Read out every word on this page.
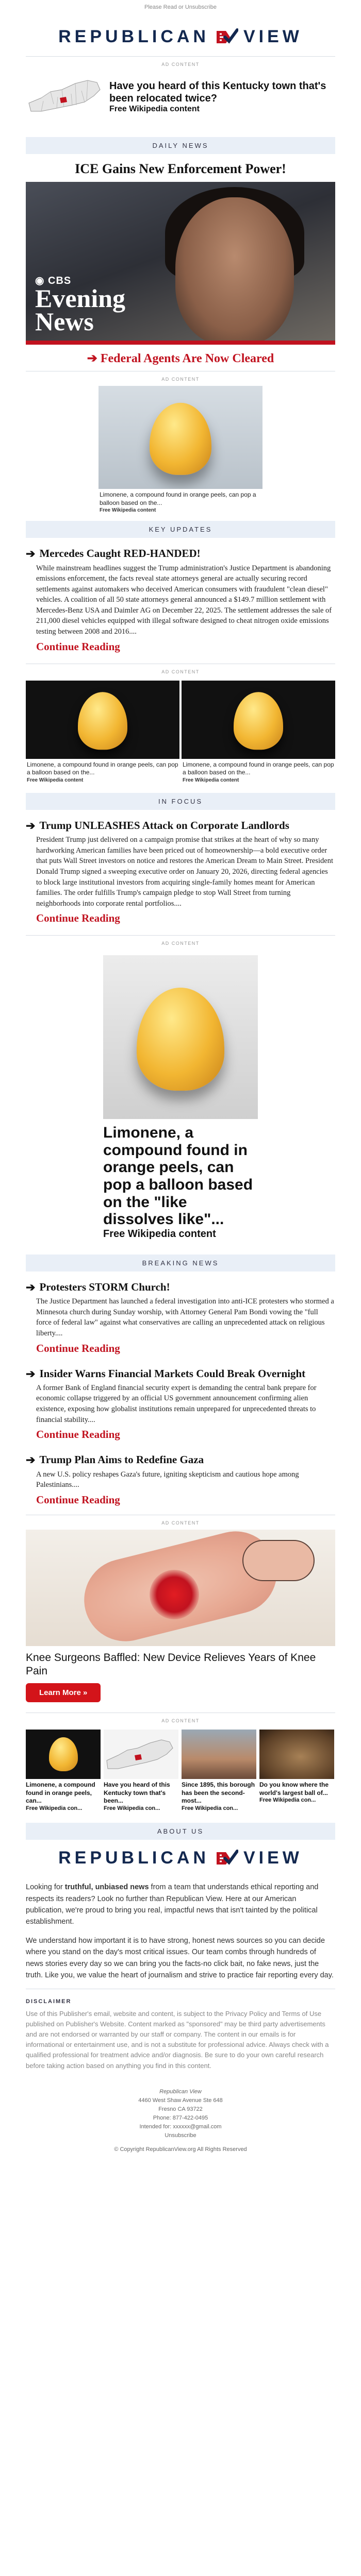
Please Read or Unsubscribe
REPUBLICAN VIEW
AD CONTENT
Have you heard of this Kentucky town that's been relocated twice?
Free Wikipedia content
DAILY NEWS
ICE Gains New Enforcement Power!
◉ CBS
Evening
News
➔ Federal Agents Are Now Cleared
AD CONTENT
Limonene, a compound found in orange peels, can pop a balloon based on the...
Free Wikipedia content
KEY UPDATES
➔ Mercedes Caught RED-HANDED!

While mainstream headlines suggest the Trump administration's Justice Department is abandoning emissions enforcement, the facts reveal state attorneys general are actually securing record settlements against automakers who deceived American consumers with fraudulent "clean diesel" vehicles. A coalition of all 50 state attorneys general announced a $149.7 million settlement with Mercedes-Benz USA and Daimler AG on December 22, 2025. The settlement addresses the sale of 211,000 diesel vehicles equipped with illegal software designed to cheat nitrogen oxide emissions testing between 2008 and 2016....

Continue Reading
AD CONTENT
Limonene, a compound found in orange peels, can pop a balloon based on the...
Free Wikipedia content
Limonene, a compound found in orange peels, can pop a balloon based on the...
Free Wikipedia content
IN FOCUS
➔ Trump UNLEASHES Attack on Corporate Landlords

President Trump just delivered on a campaign promise that strikes at the heart of why so many hardworking American families have been priced out of homeownership—a bold executive order that puts Wall Street investors on notice and restores the American Dream to Main Street. President Donald Trump signed a sweeping executive order on January 20, 2026, directing federal agencies to block large institutional investors from acquiring single-family homes meant for American families. The order fulfills Trump's campaign pledge to stop Wall Street from turning neighborhoods into corporate rental portfolios....

Continue Reading
AD CONTENT
Limonene, a compound found in orange peels, can pop a balloon based on the "like dissolves like"...
Free Wikipedia content
BREAKING NEWS
➔ Protesters STORM Church!

The Justice Department has launched a federal investigation into anti-ICE protesters who stormed a Minnesota church during Sunday worship, with Attorney General Pam Bondi vowing the "full force of federal law" against what conservatives are calling an unprecedented attack on religious liberty....

Continue Reading
➔ Insider Warns Financial Markets Could Break Overnight

A former Bank of England financial security expert is demanding the central bank prepare for economic collapse triggered by an official US government announcement confirming alien existence, exposing how globalist institutions remain unprepared for unprecedented threats to financial stability....

Continue Reading
➔ Trump Plan Aims to Redefine Gaza

A new U.S. policy reshapes Gaza's future, igniting skepticism and cautious hope among Palestinians....

Continue Reading
AD CONTENT
Knee Surgeons Baffled: New Device Relieves Years of Knee Pain
Learn More »
AD CONTENT
Limonene, a compound found in orange peels, can...
Free Wikipedia con...
Have you heard of this Kentucky town that's been...
Free Wikipedia con...
Since 1895, this borough has been the second-most...
Free Wikipedia con...
Do you know where the world's largest ball of...
Free Wikipedia con...
ABOUT US
REPUBLICAN VIEW

Looking for truthful, unbiased news from a team that understands ethical reporting and respects its readers? Look no further than Republican View. Here at our American publication, we're proud to bring you real, impactful news that isn't tainted by the political establishment.

We understand how important it is to have strong, honest news sources so you can decide where you stand on the day's most critical issues. Our team combs through hundreds of news stories every day so we can bring you the facts-no click bait, no fake news, just the truth. Like you, we value the heart of journalism and strive to practice fair reporting every day.

DISCLAIMER

Use of this Publisher's email, website and content, is subject to the Privacy Policy and Terms of Use published on Publisher's Website. Content marked as "sponsored" may be third party advertisements and are not endorsed or warranted by our staff or company. The content in our emails is for informational or entertainment use, and is not a substitute for professional advice. Always check with a qualified professional for treatment advice and/or diagnosis. Be sure to do your own careful research before taking action based on anything you find in this content.

Republican View
4460 West Shaw Avenue Ste 648
Fresno CA 93722
Phone: 877-422-0495
Intended for: xxxxxx@gmail.com
Unsubscribe
© Copyright RepublicanView.org All Rights Reserved
